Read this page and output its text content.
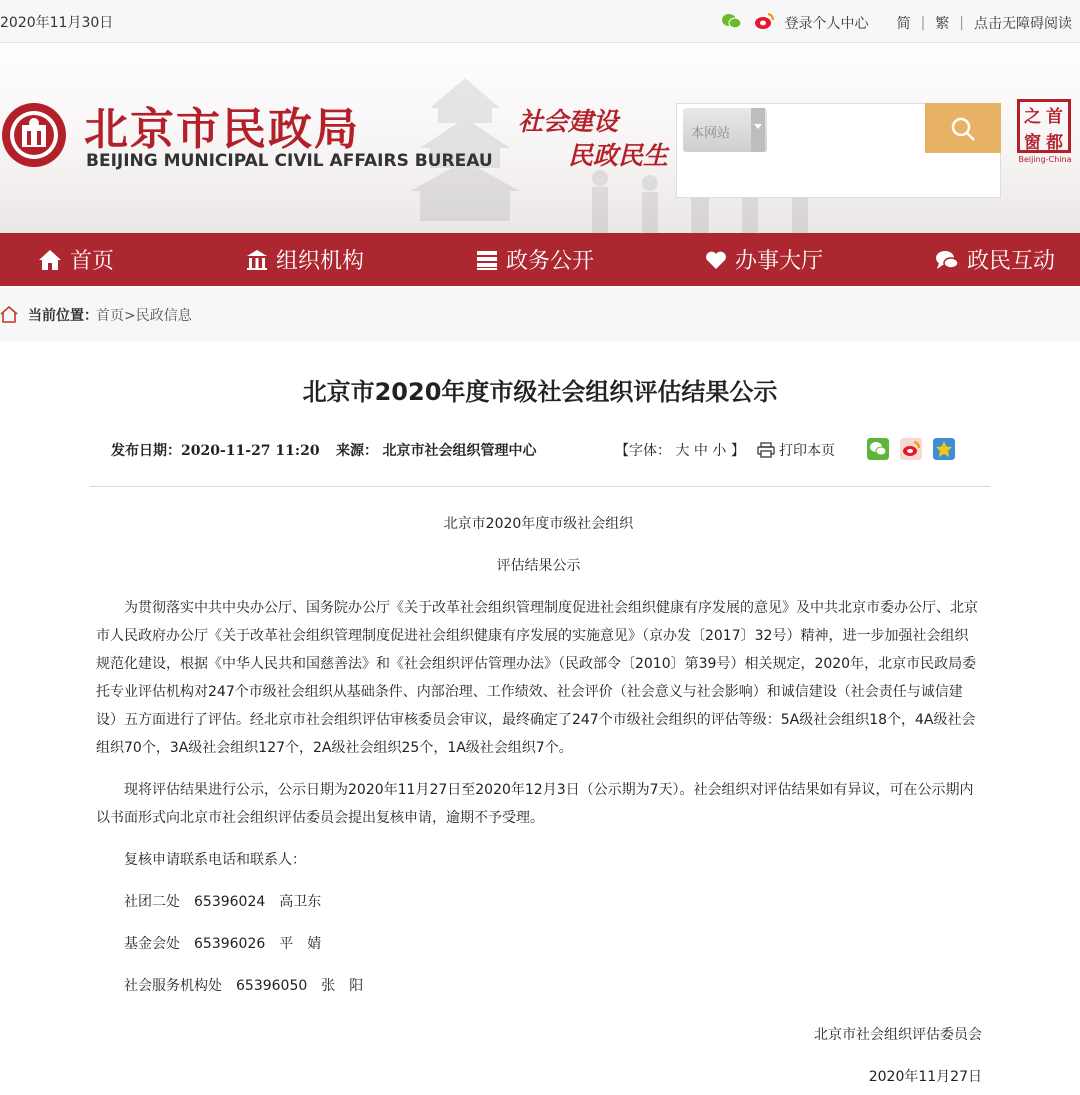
2020年11月30日	登录个人中心 简 | 繁 | 点击无障碍阅读
北京市民政局
BEIJING MUNICIPAL CIVIL AFFAIRS BUREAU
社会建设
民政民生
本网站
之 首
窗 都
Beijing-China
首页	组织机构	政务公开	办事大厅	政民互动
当前位置：
首页>民政信息
北京市2020年度市级社会组织评估结果公示
发布日期：2020-11-27 11:20 来源： 北京市社会组织管理中心	【字体： 大 中 小 】 打印本页

北京市2020年度市级社会组织

评估结果公示

为贯彻落实中共中央办公厅、国务院办公厅《关于改革社会组织管理制度促进社会组织健康有序发展的意见》及中共北京市委办公厅、北京市人民政府办公厅《关于改革社会组织管理制度促进社会组织健康有序发展的实施意见》（京办发〔2017〕32号）精神，进一步加强社会组织规范化建设，根据《中华人民共和国慈善法》和《社会组织评估管理办法》（民政部令〔2010〕第39号）相关规定，2020年，北京市民政局委托专业评估机构对247个市级社会组织从基础条件、内部治理、工作绩效、社会评价（社会意义与社会影响）和诚信建设（社会责任与诚信建设）五方面进行了评估。经北京市社会组织评估审核委员会审议，最终确定了247个市级社会组织的评估等级：5A级社会组织18个，4A级社会组织70个，3A级社会组织127个，2A级社会组织25个，1A级社会组织7个。

现将评估结果进行公示，公示日期为2020年11月27日至2020年12月3日（公示期为7天）。社会组织对评估结果如有异议，可在公示期内以书面形式向北京市社会组织评估委员会提出复核申请，逾期不予受理。

复核申请联系电话和联系人：

社团二处　65396024　高卫东

基金会处　65396026　平　婧

社会服务机构处　65396050　张　阳

北京市社会组织评估委员会
2020年11月27日
